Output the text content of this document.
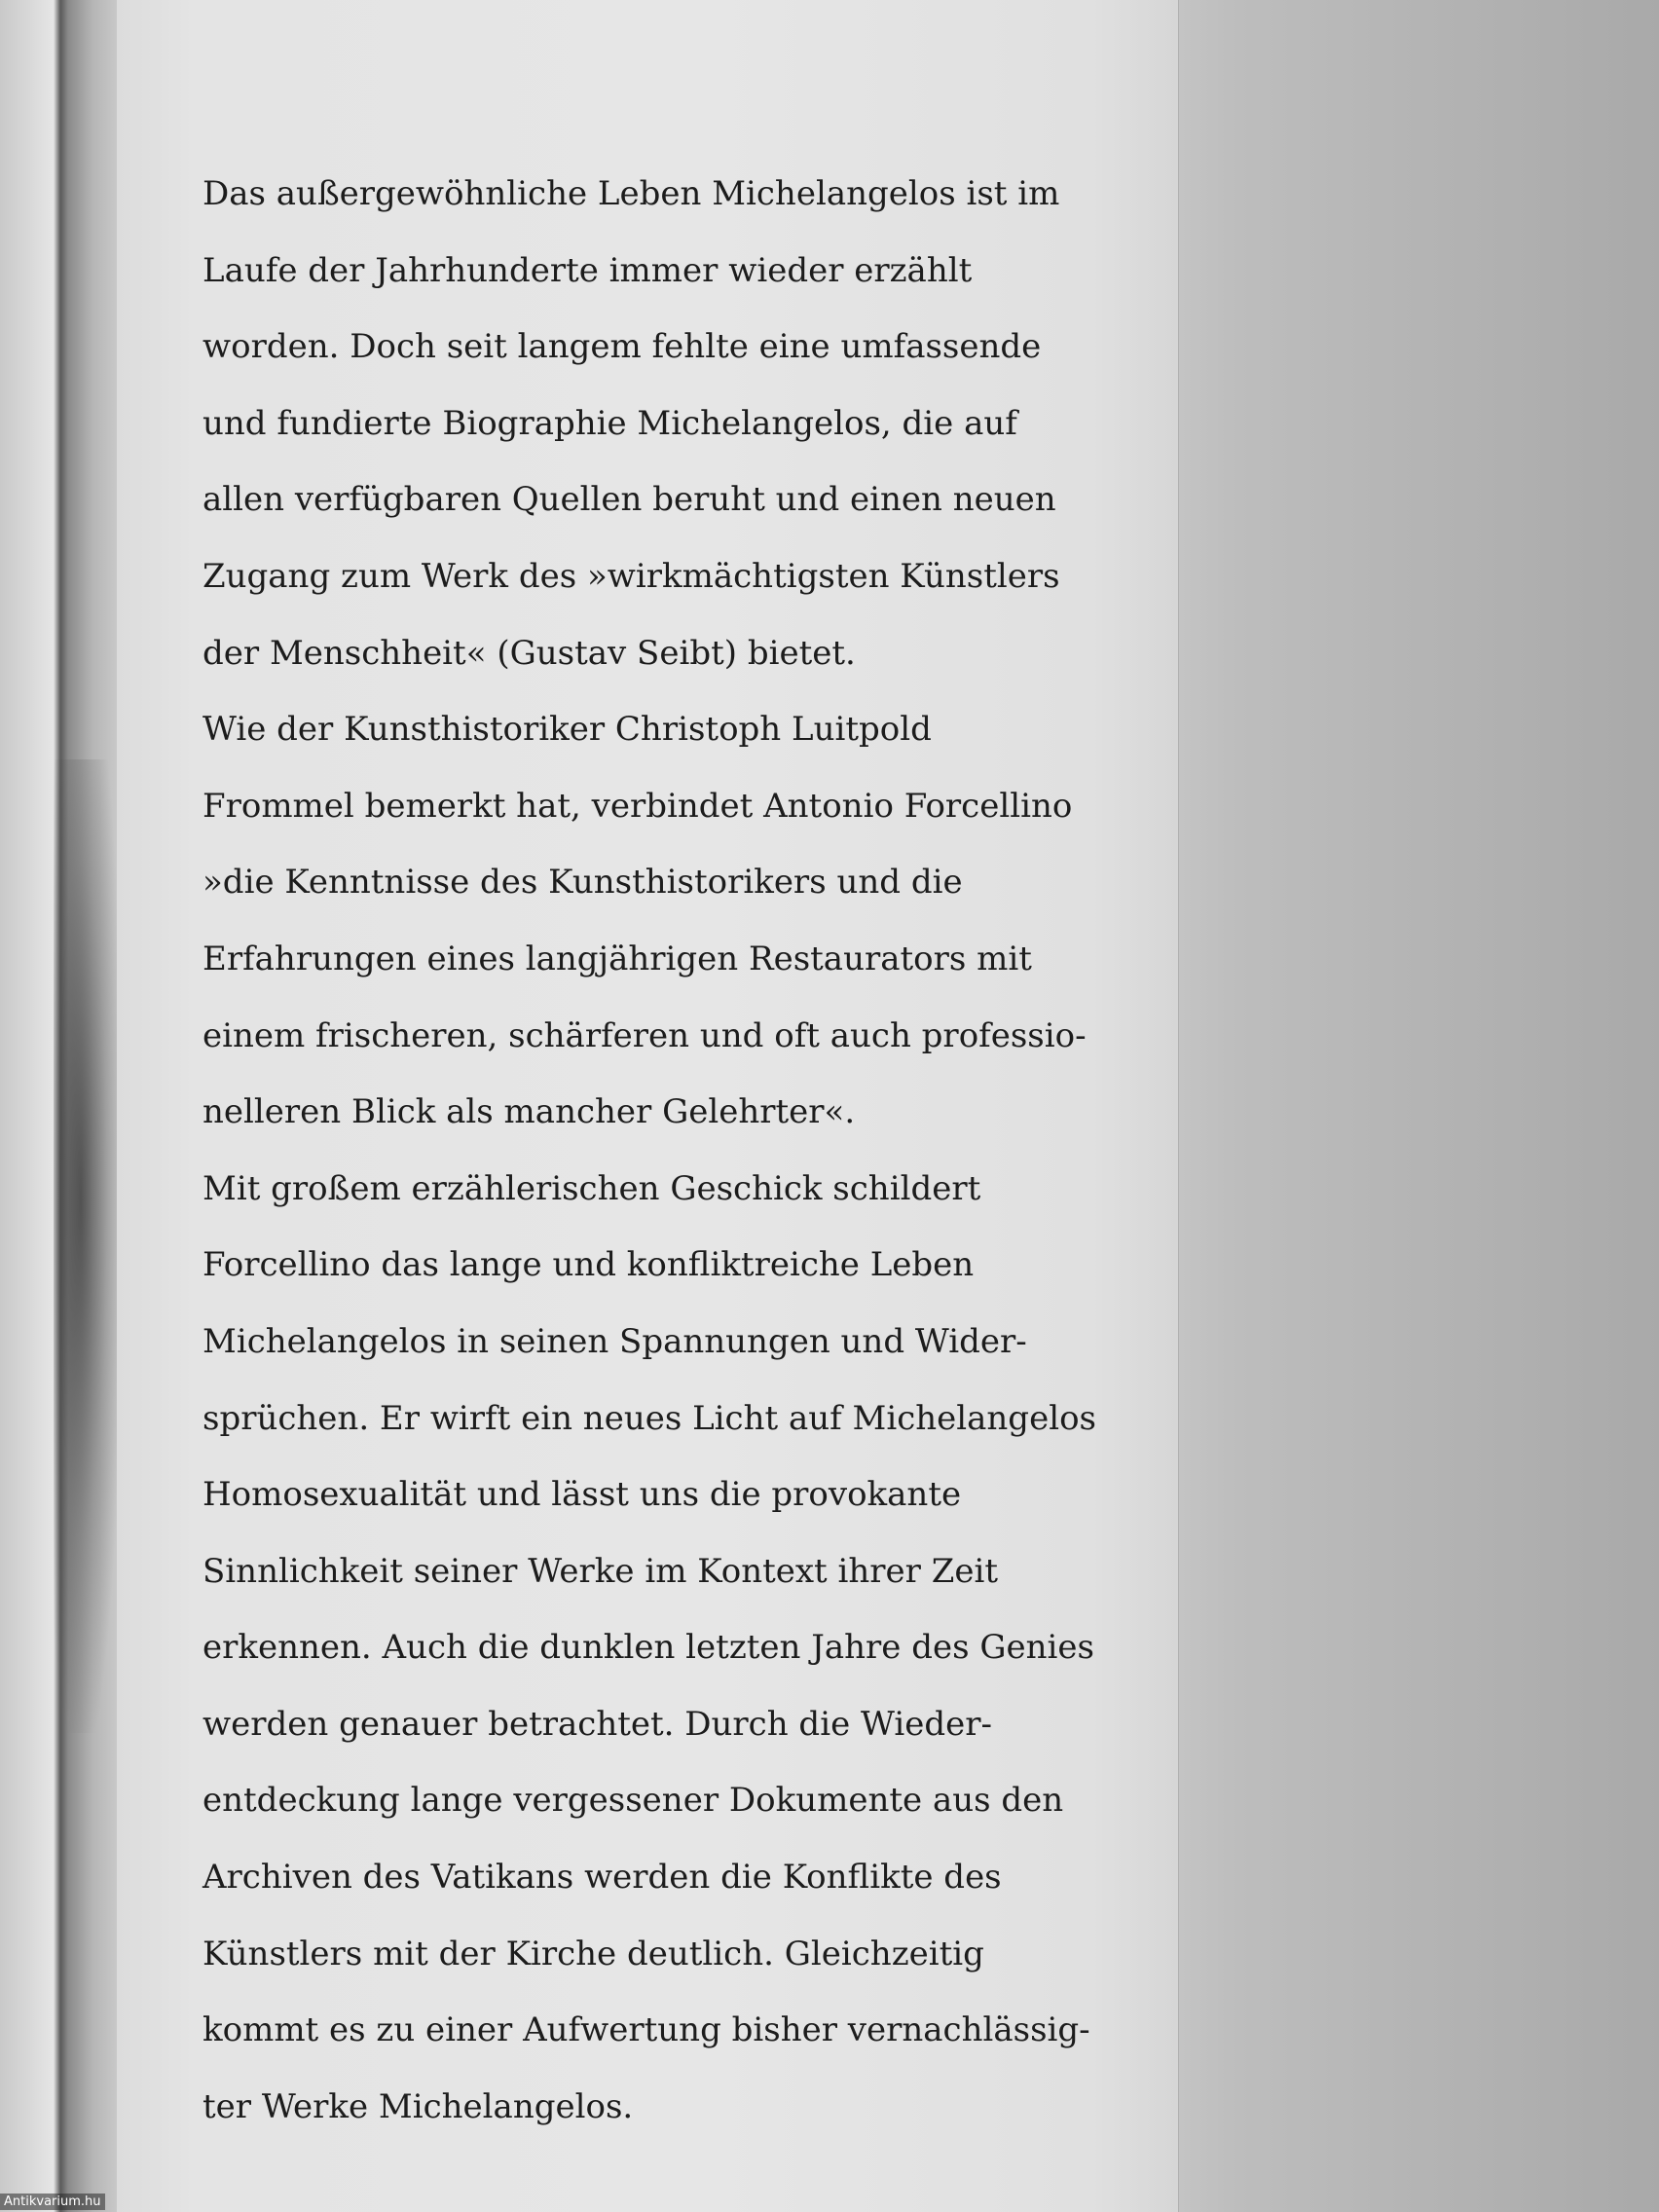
Das außergewöhnliche Leben Michelangelos ist im
Laufe der Jahrhunderte immer wieder erzählt
worden. Doch seit langem fehlte eine umfassende
und fundierte Biographie Michelangelos, die auf
allen verfügbaren Quellen beruht und einen neuen
Zugang zum Werk des »wirkmächtigsten Künstlers
der Menschheit« (Gustav Seibt) bietet.
Wie der Kunsthistoriker Christoph Luitpold
Frommel bemerkt hat, verbindet Antonio Forcellino
»die Kenntnisse des Kunsthistorikers und die
Erfahrungen eines langjährigen Restaurators mit
einem frischeren, schärferen und oft auch professio-
nelleren Blick als mancher Gelehrter«.
Mit großem erzählerischen Geschick schildert
Forcellino das lange und konfliktreiche Leben
Michelangelos in seinen Spannungen und Wider-
sprüchen. Er wirft ein neues Licht auf Michelangelos
Homosexualität und lässt uns die provokante
Sinnlichkeit seiner Werke im Kontext ihrer Zeit
erkennen. Auch die dunklen letzten Jahre des Genies
werden genauer betrachtet. Durch die Wieder-
entdeckung lange vergessener Dokumente aus den
Archiven des Vatikans werden die Konflikte des
Künstlers mit der Kirche deutlich. Gleichzeitig
kommt es zu einer Aufwertung bisher vernachlässig-
ter Werke Michelangelos.
Antikvarium.hu
